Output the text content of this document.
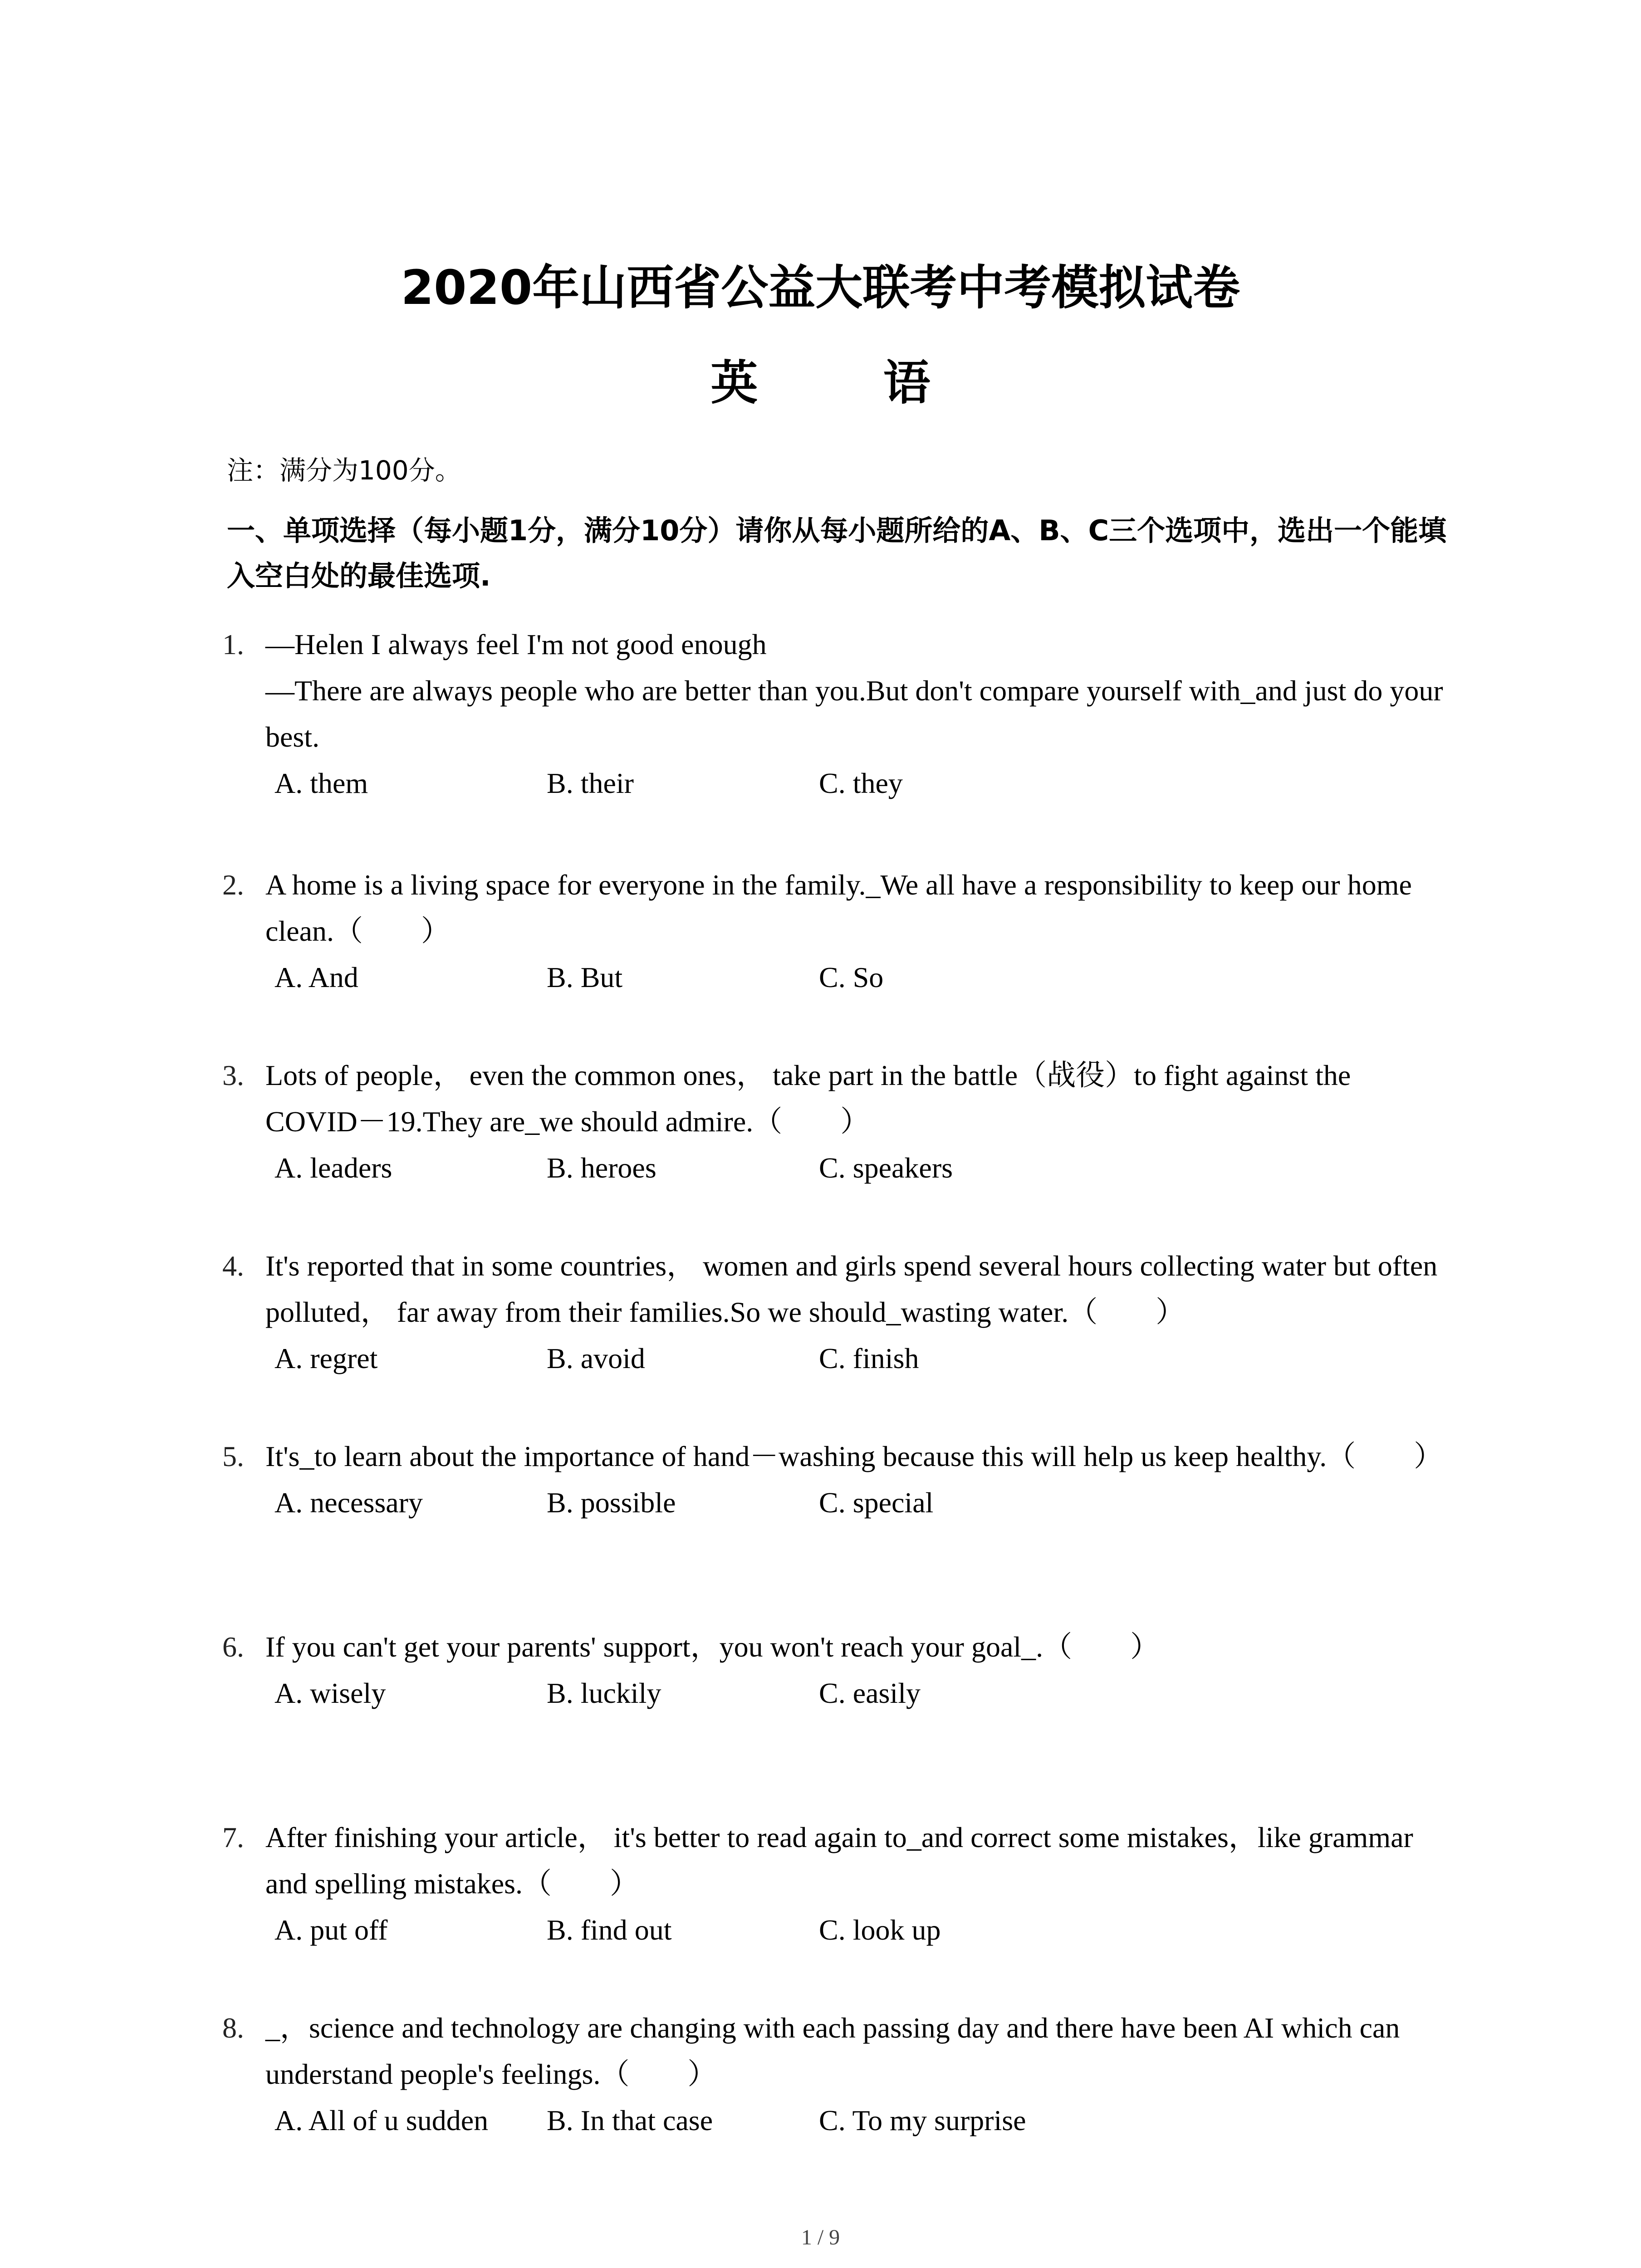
2020年山西省公益大联考中考模拟试卷
英 语
注：满分为100分。
一、单项选择（每小题1分，满分10分）请你从每小题所给的A、B、C三个选项中，选出一个能填入空白处的最佳选项.
1. —Helen I always feel I'm not good enough
—There are always people who are better than you.But don't compare yourself with_and just do your best.
A. them	B. their	C. they
2. A home is a living space for everyone in the family._We all have a responsibility to keep our home clean.（　　）
A. And	B. But	C. So
3. Lots of people， even the common ones， take part in the battle（战役）to fight against the COVID－19.They are_we should admire.（　　）
A. leaders	B. heroes	C. speakers
4. It's reported that in some countries， women and girls spend several hours collecting water but often polluted， far away from their families.So we should_wasting water.（　　）
A. regret	B. avoid	C. finish
5. It's_to learn about the importance of hand－washing because this will help us keep healthy.（　　）
A. necessary	B. possible	C. special
6. If you can't get your parents' support，you won't reach your goal_.（　　）
A. wisely	B. luckily	C. easily
7. After finishing your article， it's better to read again to_and correct some mistakes，like grammar and spelling mistakes.（　　）
A. put off	B. find out	C. look up
8. _，science and technology are changing with each passing day and there have been AI which can understand people's feelings.（　　）
A. All of u sudden B. In that case	C. To my surprise
1 / 9
